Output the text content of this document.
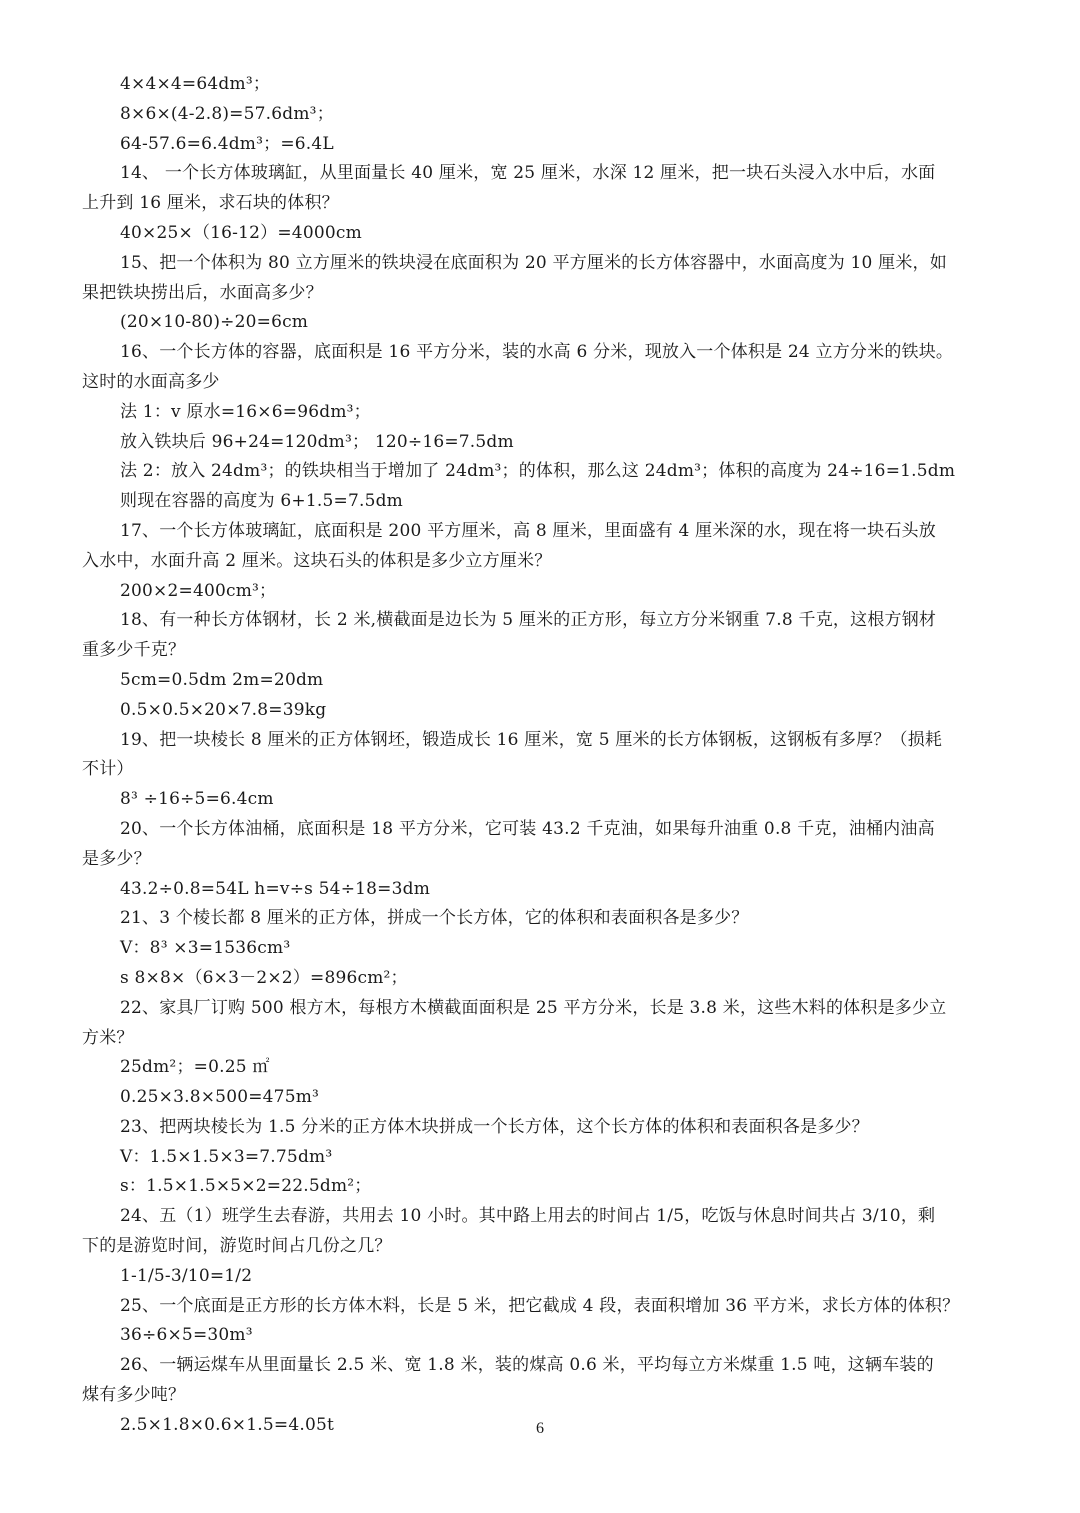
4×4×4=64dm³；
8×6×(4-2.8)=57.6dm³；
64-57.6=6.4dm³；=6.4L
14、 一个长方体玻璃缸，从里面量长 40 厘米，宽 25 厘米，水深 12 厘米，把一块石头浸入水中后，水面
上升到 16 厘米，求石块的体积？
40×25×（16-12）=4000cm
15、把一个体积为 80 立方厘米的铁块浸在底面积为 20 平方厘米的长方体容器中，水面高度为 10 厘米，如
果把铁块捞出后，水面高多少？
(20×10-80)÷20=6cm
16、一个长方体的容器，底面积是 16 平方分米，装的水高 6 分米，现放入一个体积是 24 立方分米的铁块。
这时的水面高多少
法 1：v 原水=16×6=96dm³；
放入铁块后 96+24=120dm³； 120÷16=7.5dm
法 2：放入 24dm³；的铁块相当于增加了 24dm³；的体积，那么这 24dm³；体积的高度为 24÷16=1.5dm
则现在容器的高度为 6+1.5=7.5dm
17、一个长方体玻璃缸，底面积是 200 平方厘米，高 8 厘米，里面盛有 4 厘米深的水，现在将一块石头放
入水中，水面升高 2 厘米。这块石头的体积是多少立方厘米？
200×2=400cm³；
18、有一种长方体钢材，长 2 米,横截面是边长为 5 厘米的正方形，每立方分米钢重 7.8 千克，这根方钢材
重多少千克？
5cm=0.5dm 2m=20dm
0.5×0.5×20×7.8=39kg
19、把一块棱长 8 厘米的正方体钢坯，锻造成长 16 厘米，宽 5 厘米的长方体钢板，这钢板有多厚？（损耗
不计）
8³ ÷16÷5=6.4cm
20、一个长方体油桶，底面积是 18 平方分米，它可装 43.2 千克油，如果每升油重 0.8 千克，油桶内油高
是多少？
43.2÷0.8=54L h=v÷s 54÷18=3dm
21、3 个棱长都 8 厘米的正方体，拼成一个长方体，它的体积和表面积各是多少？
V：8³ ×3=1536cm³
s 8×8×（6×3－2×2）=896cm²；
22、家具厂订购 500 根方木，每根方木横截面面积是 25 平方分米，长是 3.8 米，这些木料的体积是多少立
方米？
25dm²；=0.25 ㎡
0.25×3.8×500=475m³
23、把两块棱长为 1.5 分米的正方体木块拼成一个长方体，这个长方体的体积和表面积各是多少？
V：1.5×1.5×3=7.75dm³
s：1.5×1.5×5×2=22.5dm²；
24、五（1）班学生去春游，共用去 10 小时。其中路上用去的时间占 1/5，吃饭与休息时间共占 3/10，剩
下的是游览时间，游览时间占几份之几？
1-1/5-3/10=1/2
25、一个底面是正方形的长方体木料，长是 5 米，把它截成 4 段，表面积增加 36 平方米，求长方体的体积？
36÷6×5=30m³
26、一辆运煤车从里面量长 2.5 米、宽 1.8 米，装的煤高 0.6 米，平均每立方米煤重 1.5 吨，这辆车装的
煤有多少吨？
2.5×1.8×0.6×1.5=4.05t	6
